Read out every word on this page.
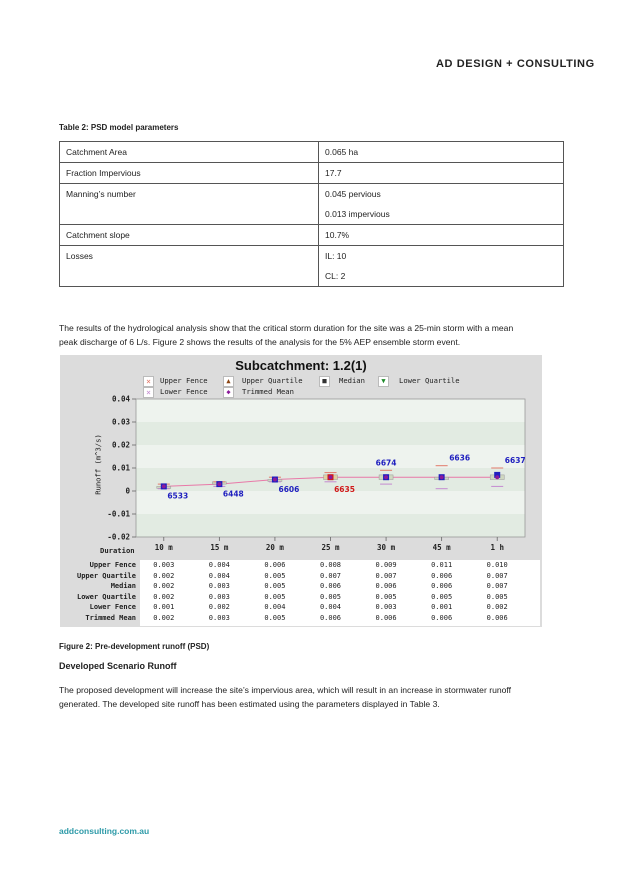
AD DESIGN + CONSULTING
Table 2: PSD model parameters
Catchment Area	0.065 ha

Fraction Impervious	17.7

Manning’s number	0.045 pervious
0.013 impervious

Catchment slope	10.7%

Losses	IL: 10
CL: 2
The results of the hydrological analysis show that the critical storm duration for the site was a 25-min storm with a mean
peak discharge of 6 L/s. Figure 2 shows the results of the analysis for the 5% AEP ensemble storm event.
Subcatchment: 1.2(1)
×	Upper Fence	▲	Upper Quartile	■	Median	▼	Lower Quartile
×	Lower Fence	◆	Trimmed Mean
0.04
0.03
0.02
0.01
0
-0.01
-0.02
10 m	15 m	20 m	25 m	30 m	45 m	1 h
6533	6448
6606	6635
6674
6636	6637
Runoff (m^3/s)
Duration
Upper Fence	0.003	0.004	0.006	0.008	0.009	0.011	0.010
Upper Quartile	0.002	0.004	0.005	0.007	0.007	0.006	0.007
Median	0.002	0.003	0.005	0.006	0.006	0.006	0.007
Lower Quartile	0.002	0.003	0.005	0.005	0.005	0.005	0.005
Lower Fence	0.001	0.002	0.004	0.004	0.003	0.001	0.002
Trimmed Mean	0.002	0.003	0.005	0.006	0.006	0.006	0.006
Figure 2: Pre-development runoff (PSD)
Developed Scenario Runoff
The proposed development will increase the site’s impervious area, which will result in an increase in stormwater runoff
generated. The developed site runoff has been estimated using the parameters displayed in Table 3.
addconsulting.com.au
